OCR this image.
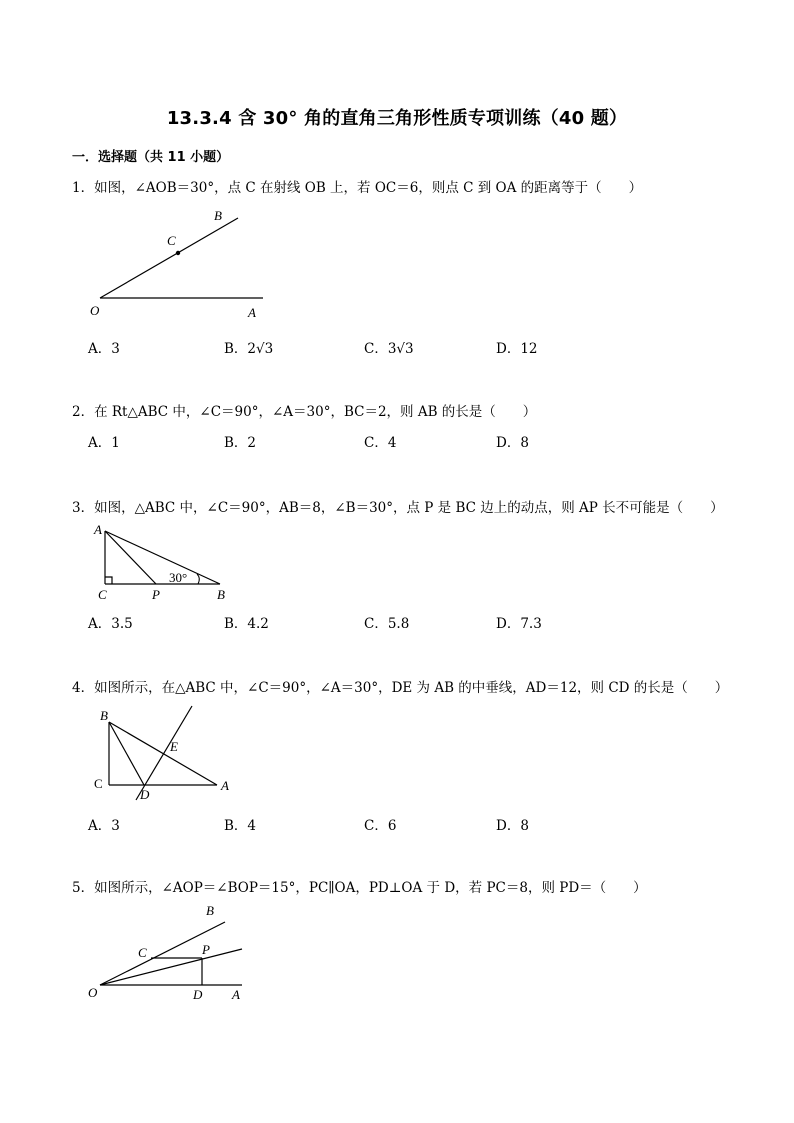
13.3.4 含 30° 角的直角三角形性质专项训练（40 题）
一．选择题（共 11 小题）
1．如图，∠AOB＝30°，点 C 在射线 OB 上，若 OC＝6，则点 C 到 OA 的距离等于（　　）
B
C
O	A
A．3	B．2√3	C．3√3	D．12
2．在 Rt△ABC 中，∠C＝90°，∠A＝30°，BC＝2，则 AB 的长是（　　）
A．1	B．2	C．4	D．8
3．如图，△ABC 中，∠C＝90°，AB＝8，∠B＝30°，点 P 是 BC 边上的动点，则 AP 长不可能是（　　）
A
C	P	B
30°
A．3.5	B．4.2	C．5.8	D．7.3
4．如图所示，在△ABC 中，∠C＝90°，∠A＝30°，DE 为 AB 的中垂线，AD＝12，则 CD 的长是（　　）
B
E
C
D
A
A．3	B．4	C．6	D．8
5．如图所示，∠AOP＝∠BOP＝15°，PC∥OA，PD⊥OA 于 D，若 PC＝8，则 PD＝（　　）
B
C	P
O	D A
